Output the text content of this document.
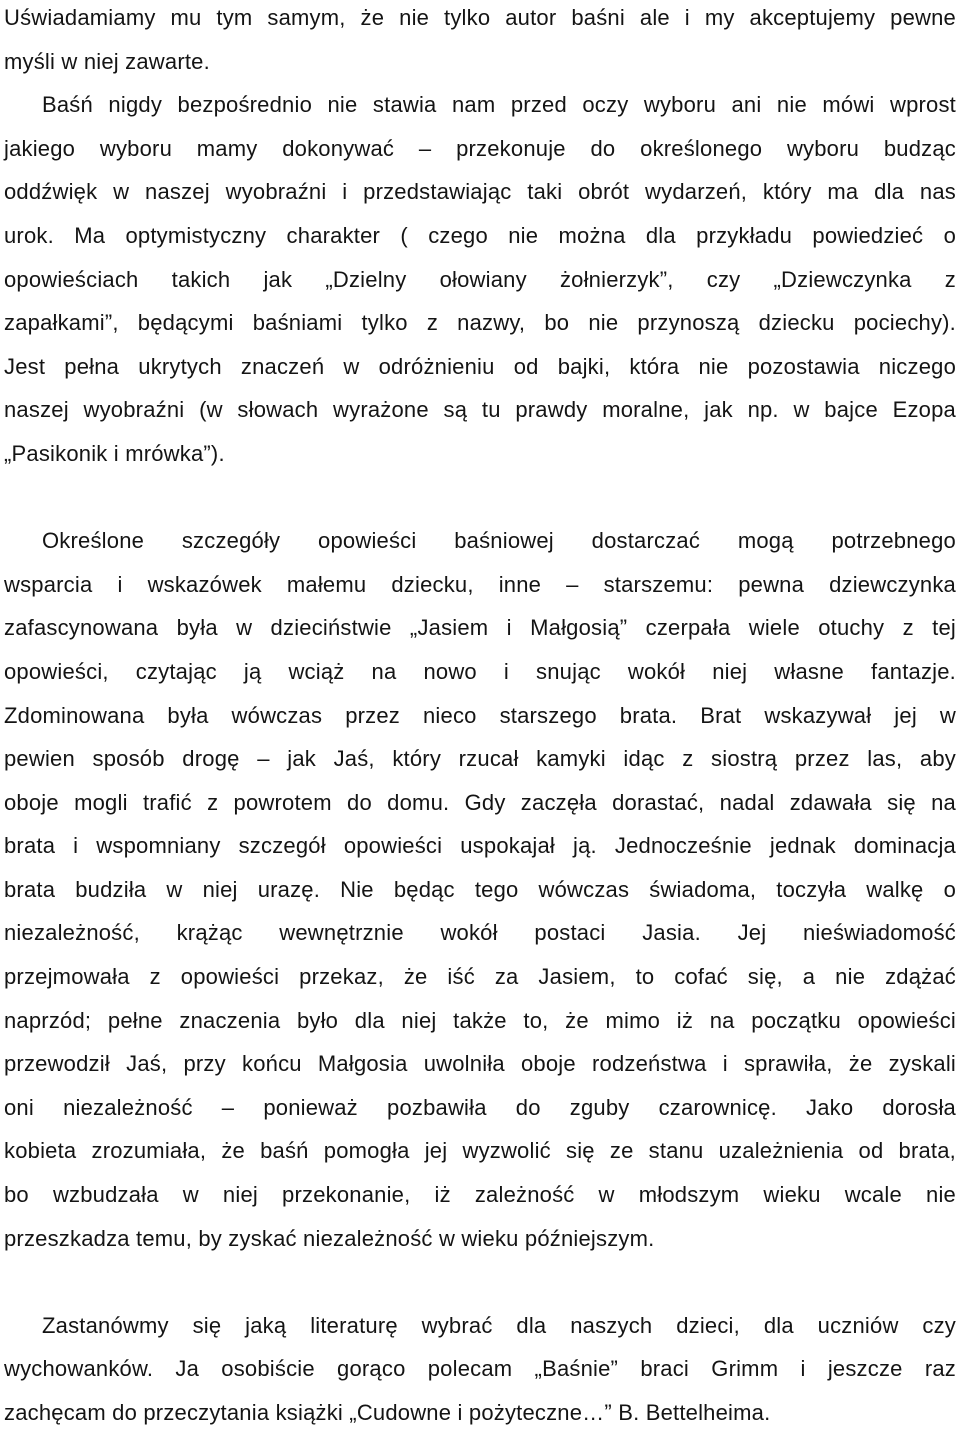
Uświadamiamy mu tym samym, że nie tylko autor baśni ale i my akceptujemy pewne
myśli w niej zawarte.
Baśń nigdy bezpośrednio nie stawia nam przed oczy wyboru ani nie mówi wprost
jakiego wyboru mamy dokonywać – przekonuje do określonego wyboru budząc
oddźwięk w naszej wyobraźni i przedstawiając taki obrót wydarzeń, który ma dla nas
urok. Ma optymistyczny charakter ( czego nie można dla przykładu powiedzieć o
opowieściach takich jak „Dzielny ołowiany żołnierzyk”, czy „Dziewczynka z
zapałkami”, będącymi baśniami tylko z nazwy, bo nie przynoszą dziecku pociechy).
Jest pełna ukrytych znaczeń w odróżnieniu od bajki, która nie pozostawia niczego
naszej wyobraźni (w słowach wyrażone są tu prawdy moralne, jak np. w bajce Ezopa
„Pasikonik i mrówka”).
Określone szczegóły opowieści baśniowej dostarczać mogą potrzebnego
wsparcia i wskazówek małemu dziecku, inne – starszemu: pewna dziewczynka
zafascynowana była w dzieciństwie „Jasiem i Małgosią” czerpała wiele otuchy z tej
opowieści, czytając ją wciąż na nowo i snując wokół niej własne fantazje.
Zdominowana była wówczas przez nieco starszego brata. Brat wskazywał jej w
pewien sposób drogę – jak Jaś, który rzucał kamyki idąc z siostrą przez las, aby
oboje mogli trafić z powrotem do domu. Gdy zaczęła dorastać, nadal zdawała się na
brata i wspomniany szczegół opowieści uspokajał ją. Jednocześnie jednak dominacja
brata budziła w niej urazę. Nie będąc tego wówczas świadoma, toczyła walkę o
niezależność, krążąc wewnętrznie wokół postaci Jasia. Jej nieświadomość
przejmowała z opowieści przekaz, że iść za Jasiem, to cofać się, a nie zdążać
naprzód; pełne znaczenia było dla niej także to, że mimo iż na początku opowieści
przewodził Jaś, przy końcu Małgosia uwolniła oboje rodzeństwa i sprawiła, że zyskali
oni niezależność – ponieważ pozbawiła do zguby czarownicę. Jako dorosła
kobieta zrozumiała, że baśń pomogła jej wyzwolić się ze stanu uzależnienia od brata,
bo wzbudzała w niej przekonanie, iż zależność w młodszym wieku wcale nie
przeszkadza temu, by zyskać niezależność w wieku późniejszym.
Zastanówmy się jaką literaturę wybrać dla naszych dzieci, dla uczniów czy
wychowanków. Ja osobiście gorąco polecam „Baśnie” braci Grimm i jeszcze raz
zachęcam do przeczytania książki „Cudowne i pożyteczne…” B. Bettelheima.
